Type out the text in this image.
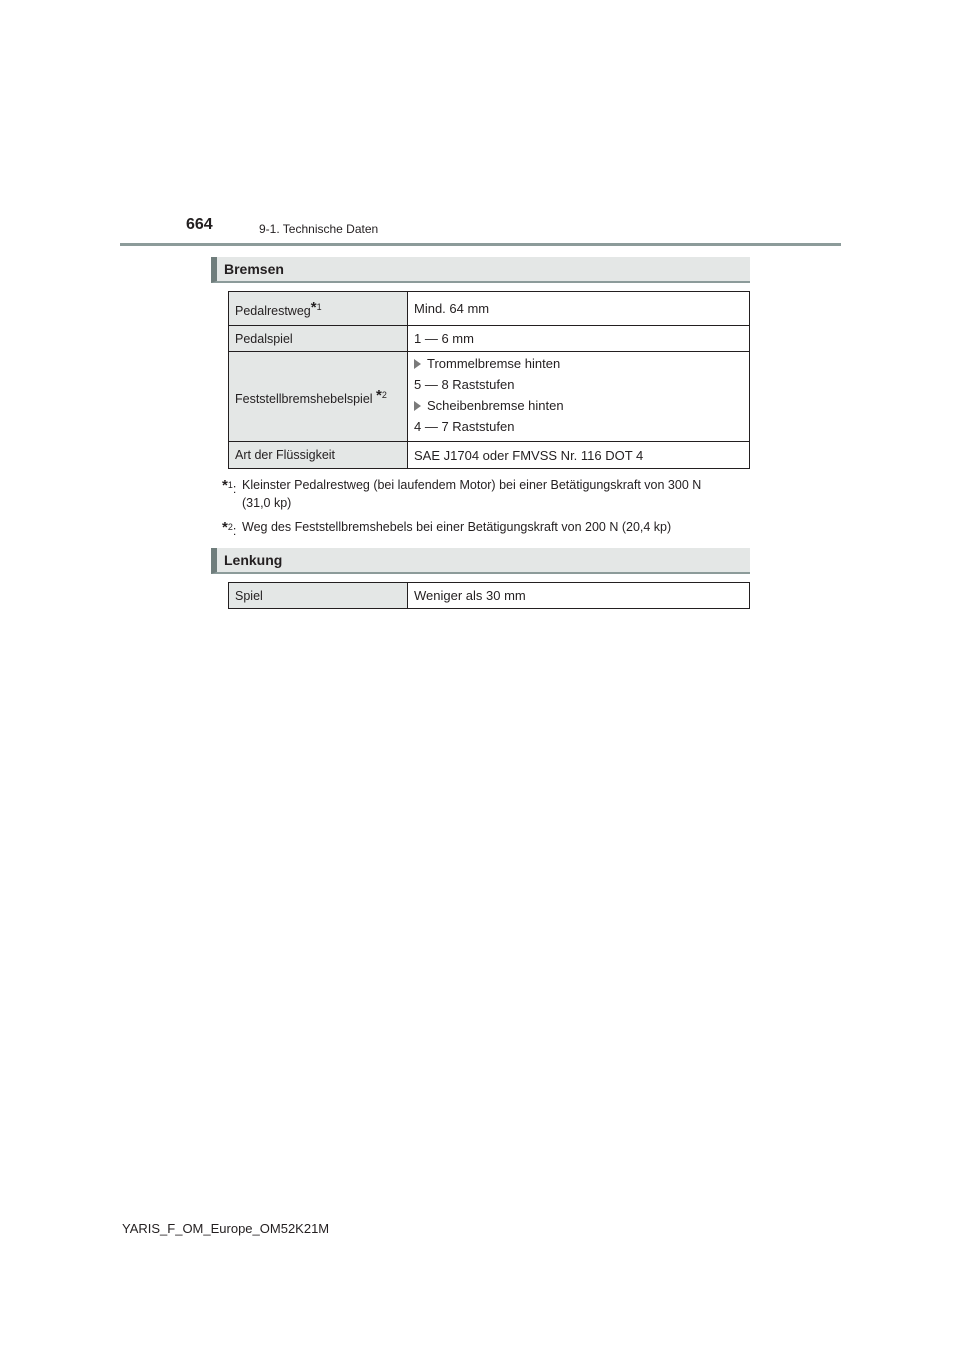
664	9-1. Technische Daten
Bremsen
Pedalrestweg*$^1$	Mind. 64 mm
Pedalspiel	1 — 6 mm
Feststellbremshebelspiel *$^2$	Trommelbremse hinten
5 — 8 Raststufen
Scheibenbremse hinten
4 — 7 Raststufen

Art der Flüssigkeit	SAE J1704 oder FMVSS Nr. 116 DOT 4
*$^1$: Kleinster Pedalrestweg (bei laufendem Motor) bei einer Betätigungskraft von 300 N
(31,0 kp)
*$^2$: Weg des Feststellbremshebels bei einer Betätigungskraft von 200 N (20,4 kp)
Lenkung
Spiel	Weniger als 30 mm
YARIS_F_OM_Europe_OM52K21M
